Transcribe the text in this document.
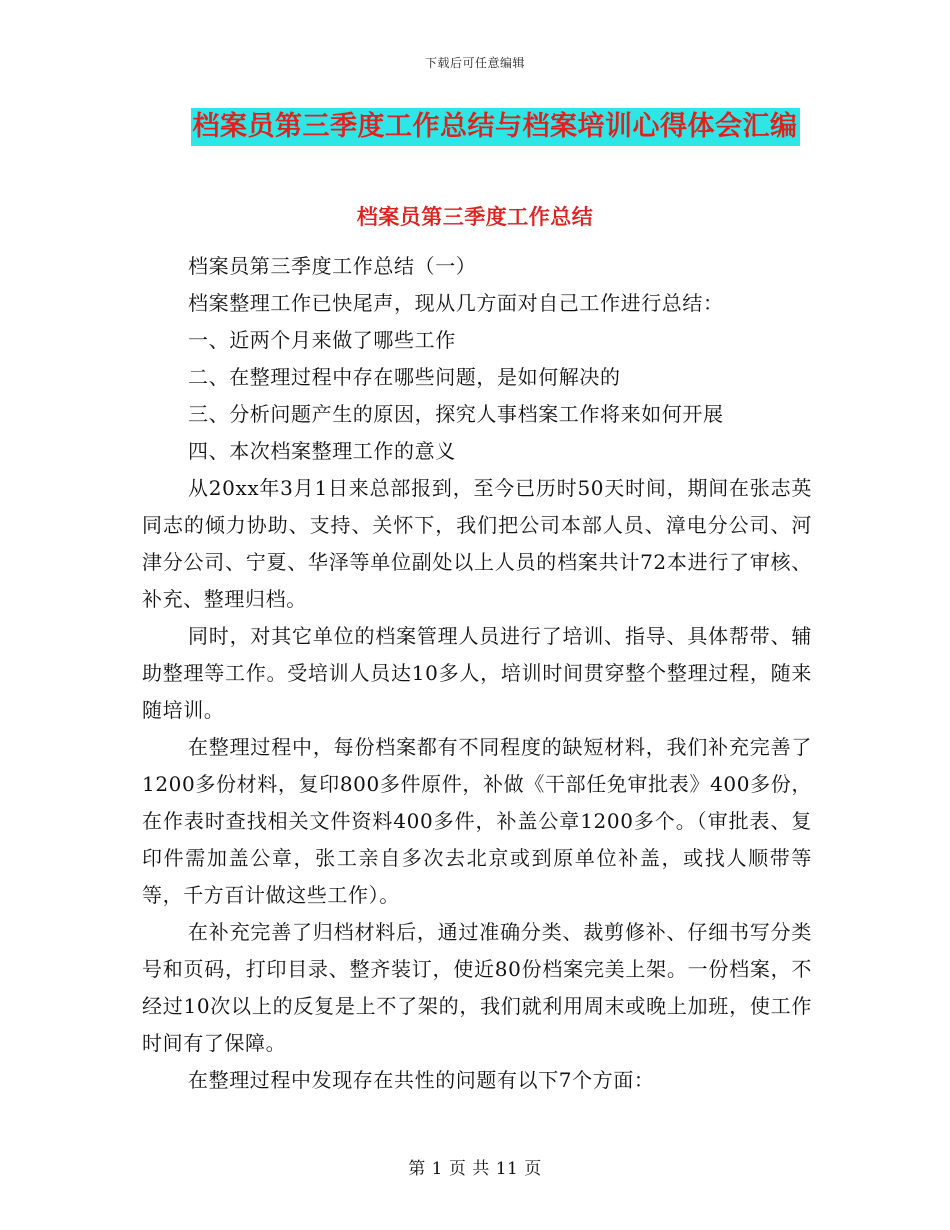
下载后可任意编辑
档案员第三季度工作总结与档案培训心得体会汇编
档案员第三季度工作总结

档案员第三季度工作总结（一）

档案整理工作已快尾声，现从几方面对自己工作进行总结：

一、近两个月来做了哪些工作

二、在整理过程中存在哪些问题，是如何解决的

三、分析问题产生的原因，探究人事档案工作将来如何开展

四、本次档案整理工作的意义

从20xx年3月1日来总部报到，至今已历时50天时间，期间在张志英同志的倾力协助、支持、关怀下，我们把公司本部人员、漳电分公司、河津分公司、宁夏、华泽等单位副处以上人员的档案共计72本进行了审核、补充、整理归档。

同时，对其它单位的档案管理人员进行了培训、指导、具体帮带、辅助整理等工作。受培训人员达10多人，培训时间贯穿整个整理过程，随来随培训。

在整理过程中，每份档案都有不同程度的缺短材料，我们补充完善了1200多份材料，复印800多件原件，补做《干部任免审批表》400多份，在作表时查找相关文件资料400多件，补盖公章1200多个。（审批表、复印件需加盖公章，张工亲自多次去北京或到原单位补盖，或找人顺带等等，千方百计做这些工作）。

在补充完善了归档材料后，通过准确分类、裁剪修补、仔细书写分类号和页码，打印目录、整齐装订，使近80份档案完美上架。一份档案，不经过10次以上的反复是上不了架的，我们就利用周末或晚上加班，使工作时间有了保障。

在整理过程中发现存在共性的问题有以下7个方面：

第 1 页 共 11 页
